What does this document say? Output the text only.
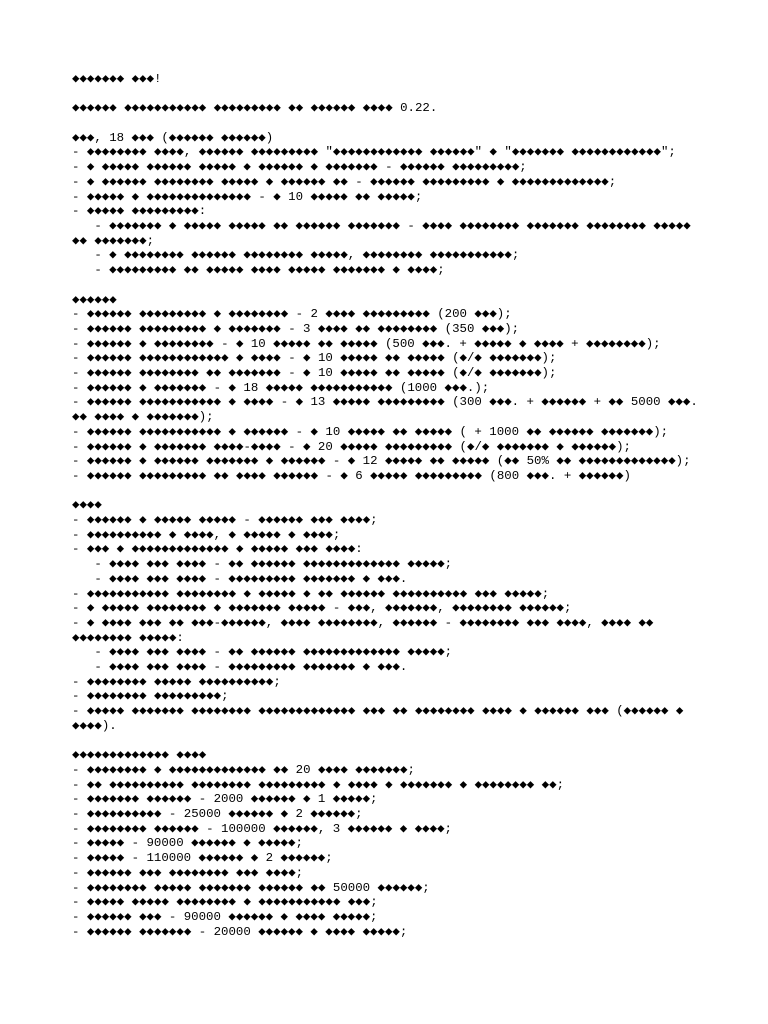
◆◆◆◆◆◆◆ ◆◆◆!
◆◆◆◆◆◆ ◆◆◆◆◆◆◆◆◆◆◆ ◆◆◆◆◆◆◆◆◆ ◆◆ ◆◆◆◆◆◆ ◆◆◆◆ 0.22.
◆◆◆, 18 ◆◆◆ (◆◆◆◆◆◆ ◆◆◆◆◆◆)
- ◆◆◆◆◆◆◆◆ ◆◆◆◆, ◆◆◆◆◆◆ ◆◆◆◆◆◆◆◆◆ "◆◆◆◆◆◆◆◆◆◆◆◆ ◆◆◆◆◆◆" ◆ "◆◆◆◆◆◆◆ ◆◆◆◆◆◆◆◆◆◆◆◆";
- ◆ ◆◆◆◆◆ ◆◆◆◆◆◆ ◆◆◆◆◆ ◆ ◆◆◆◆◆◆ ◆ ◆◆◆◆◆◆◆ - ◆◆◆◆◆◆ ◆◆◆◆◆◆◆◆◆;
- ◆ ◆◆◆◆◆◆ ◆◆◆◆◆◆◆◆ ◆◆◆◆◆ ◆ ◆◆◆◆◆◆ ◆◆ - ◆◆◆◆◆◆ ◆◆◆◆◆◆◆◆◆ ◆ ◆◆◆◆◆◆◆◆◆◆◆◆◆;
- ◆◆◆◆◆ ◆ ◆◆◆◆◆◆◆◆◆◆◆◆◆◆ - ◆ 10 ◆◆◆◆◆ ◆◆ ◆◆◆◆◆;
- ◆◆◆◆◆ ◆◆◆◆◆◆◆◆◆:
- ◆◆◆◆◆◆◆ ◆ ◆◆◆◆◆ ◆◆◆◆◆ ◆◆ ◆◆◆◆◆◆ ◆◆◆◆◆◆◆ - ◆◆◆◆ ◆◆◆◆◆◆◆◆ ◆◆◆◆◆◆◆ ◆◆◆◆◆◆◆◆ ◆◆◆◆◆ ◆◆ ◆◆◆◆◆◆◆;
- ◆ ◆◆◆◆◆◆◆◆ ◆◆◆◆◆◆ ◆◆◆◆◆◆◆◆ ◆◆◆◆◆, ◆◆◆◆◆◆◆◆ ◆◆◆◆◆◆◆◆◆◆◆;
- ◆◆◆◆◆◆◆◆◆ ◆◆ ◆◆◆◆◆ ◆◆◆◆ ◆◆◆◆◆ ◆◆◆◆◆◆◆ ◆ ◆◆◆◆;
◆◆◆◆◆◆
- ◆◆◆◆◆◆ ◆◆◆◆◆◆◆◆◆ ◆ ◆◆◆◆◆◆◆◆ - 2 ◆◆◆◆ ◆◆◆◆◆◆◆◆◆ (200 ◆◆◆);
- ◆◆◆◆◆◆ ◆◆◆◆◆◆◆◆◆ ◆ ◆◆◆◆◆◆◆ - 3 ◆◆◆◆ ◆◆ ◆◆◆◆◆◆◆◆ (350 ◆◆◆);
- ◆◆◆◆◆◆ ◆ ◆◆◆◆◆◆◆◆ - ◆ 10 ◆◆◆◆◆ ◆◆ ◆◆◆◆◆ (500 ◆◆◆. + ◆◆◆◆◆ ◆ ◆◆◆◆ + ◆◆◆◆◆◆◆◆);
- ◆◆◆◆◆◆ ◆◆◆◆◆◆◆◆◆◆◆◆ ◆ ◆◆◆◆ - ◆ 10 ◆◆◆◆◆ ◆◆ ◆◆◆◆◆ (◆/◆ ◆◆◆◆◆◆◆);
- ◆◆◆◆◆◆ ◆◆◆◆◆◆◆◆ ◆◆ ◆◆◆◆◆◆◆ - ◆ 10 ◆◆◆◆◆ ◆◆ ◆◆◆◆◆ (◆/◆ ◆◆◆◆◆◆◆);
- ◆◆◆◆◆◆ ◆ ◆◆◆◆◆◆◆ - ◆ 18 ◆◆◆◆◆ ◆◆◆◆◆◆◆◆◆◆◆ (1000 ◆◆◆.);
- ◆◆◆◆◆◆ ◆◆◆◆◆◆◆◆◆◆◆ ◆ ◆◆◆◆ - ◆ 13 ◆◆◆◆◆ ◆◆◆◆◆◆◆◆◆ (300 ◆◆◆. + ◆◆◆◆◆◆ + ◆◆ 5000 ◆◆◆. ◆◆ ◆◆◆◆ ◆ ◆◆◆◆◆◆◆);
- ◆◆◆◆◆◆ ◆◆◆◆◆◆◆◆◆◆◆ ◆ ◆◆◆◆◆◆ - ◆ 10 ◆◆◆◆◆ ◆◆ ◆◆◆◆◆ ( + 1000 ◆◆ ◆◆◆◆◆◆ ◆◆◆◆◆◆◆);
- ◆◆◆◆◆◆ ◆ ◆◆◆◆◆◆◆ ◆◆◆◆-◆◆◆◆ - ◆ 20 ◆◆◆◆◆ ◆◆◆◆◆◆◆◆◆ (◆/◆ ◆◆◆◆◆◆◆ ◆ ◆◆◆◆◆◆);
- ◆◆◆◆◆◆ ◆ ◆◆◆◆◆◆ ◆◆◆◆◆◆◆ ◆ ◆◆◆◆◆◆ - ◆ 12 ◆◆◆◆◆ ◆◆ ◆◆◆◆◆ (◆◆ 50% ◆◆ ◆◆◆◆◆◆◆◆◆◆◆◆◆);
- ◆◆◆◆◆◆ ◆◆◆◆◆◆◆◆◆ ◆◆ ◆◆◆◆ ◆◆◆◆◆◆ - ◆ 6 ◆◆◆◆◆ ◆◆◆◆◆◆◆◆◆ (800 ◆◆◆. + ◆◆◆◆◆◆)
◆◆◆◆
- ◆◆◆◆◆◆ ◆ ◆◆◆◆◆ ◆◆◆◆◆ - ◆◆◆◆◆◆ ◆◆◆ ◆◆◆◆;
- ◆◆◆◆◆◆◆◆◆◆ ◆ ◆◆◆◆, ◆ ◆◆◆◆◆ ◆ ◆◆◆◆;
- ◆◆◆ ◆ ◆◆◆◆◆◆◆◆◆◆◆◆◆ ◆ ◆◆◆◆◆ ◆◆◆ ◆◆◆◆:
- ◆◆◆◆ ◆◆◆ ◆◆◆◆ - ◆◆ ◆◆◆◆◆◆ ◆◆◆◆◆◆◆◆◆◆◆◆◆ ◆◆◆◆◆;
- ◆◆◆◆ ◆◆◆ ◆◆◆◆ - ◆◆◆◆◆◆◆◆◆ ◆◆◆◆◆◆◆ ◆ ◆◆◆.
- ◆◆◆◆◆◆◆◆◆◆◆ ◆◆◆◆◆◆◆◆ ◆ ◆◆◆◆◆ ◆ ◆◆ ◆◆◆◆◆◆ ◆◆◆◆◆◆◆◆◆◆ ◆◆◆ ◆◆◆◆◆;
- ◆ ◆◆◆◆◆ ◆◆◆◆◆◆◆◆ ◆ ◆◆◆◆◆◆◆ ◆◆◆◆◆ - ◆◆◆, ◆◆◆◆◆◆◆, ◆◆◆◆◆◆◆◆ ◆◆◆◆◆◆;
- ◆ ◆◆◆◆ ◆◆◆ ◆◆ ◆◆◆-◆◆◆◆◆◆, ◆◆◆◆ ◆◆◆◆◆◆◆◆, ◆◆◆◆◆◆ - ◆◆◆◆◆◆◆◆ ◆◆◆ ◆◆◆◆, ◆◆◆◆ ◆◆ ◆◆◆◆◆◆◆◆ ◆◆◆◆◆:
- ◆◆◆◆ ◆◆◆ ◆◆◆◆ - ◆◆ ◆◆◆◆◆◆ ◆◆◆◆◆◆◆◆◆◆◆◆◆ ◆◆◆◆◆;
- ◆◆◆◆ ◆◆◆ ◆◆◆◆ - ◆◆◆◆◆◆◆◆◆ ◆◆◆◆◆◆◆ ◆ ◆◆◆.
- ◆◆◆◆◆◆◆◆ ◆◆◆◆◆ ◆◆◆◆◆◆◆◆◆◆;
- ◆◆◆◆◆◆◆◆ ◆◆◆◆◆◆◆◆◆;
- ◆◆◆◆◆ ◆◆◆◆◆◆◆ ◆◆◆◆◆◆◆◆ ◆◆◆◆◆◆◆◆◆◆◆◆◆ ◆◆◆ ◆◆ ◆◆◆◆◆◆◆◆ ◆◆◆◆ ◆ ◆◆◆◆◆◆ ◆◆◆ (◆◆◆◆◆◆ ◆ ◆◆◆◆).
◆◆◆◆◆◆◆◆◆◆◆◆◆ ◆◆◆◆
- ◆◆◆◆◆◆◆◆ ◆ ◆◆◆◆◆◆◆◆◆◆◆◆◆ ◆◆ 20 ◆◆◆◆ ◆◆◆◆◆◆◆;
- ◆◆ ◆◆◆◆◆◆◆◆◆◆ ◆◆◆◆◆◆◆◆ ◆◆◆◆◆◆◆◆◆ ◆ ◆◆◆◆ ◆ ◆◆◆◆◆◆◆ ◆ ◆◆◆◆◆◆◆◆ ◆◆;
- ◆◆◆◆◆◆◆ ◆◆◆◆◆◆ - 2000 ◆◆◆◆◆◆ ◆ 1 ◆◆◆◆◆;
- ◆◆◆◆◆◆◆◆◆◆ - 25000 ◆◆◆◆◆◆ ◆ 2 ◆◆◆◆◆◆;
- ◆◆◆◆◆◆◆◆ ◆◆◆◆◆◆ - 100000 ◆◆◆◆◆◆, 3 ◆◆◆◆◆◆ ◆ ◆◆◆◆;
- ◆◆◆◆◆ - 90000 ◆◆◆◆◆◆ ◆ ◆◆◆◆◆;
- ◆◆◆◆◆ - 110000 ◆◆◆◆◆◆ ◆ 2 ◆◆◆◆◆◆;
- ◆◆◆◆◆◆ ◆◆◆ ◆◆◆◆◆◆◆◆ ◆◆◆ ◆◆◆◆;
- ◆◆◆◆◆◆◆◆ ◆◆◆◆◆ ◆◆◆◆◆◆◆ ◆◆◆◆◆◆ ◆◆ 50000 ◆◆◆◆◆◆;
- ◆◆◆◆◆ ◆◆◆◆◆ ◆◆◆◆◆◆◆◆ ◆ ◆◆◆◆◆◆◆◆◆◆◆ ◆◆◆;
- ◆◆◆◆◆◆ ◆◆◆ - 90000 ◆◆◆◆◆◆ ◆ ◆◆◆◆ ◆◆◆◆◆;
- ◆◆◆◆◆◆ ◆◆◆◆◆◆◆ - 20000 ◆◆◆◆◆◆ ◆ ◆◆◆◆ ◆◆◆◆◆;
